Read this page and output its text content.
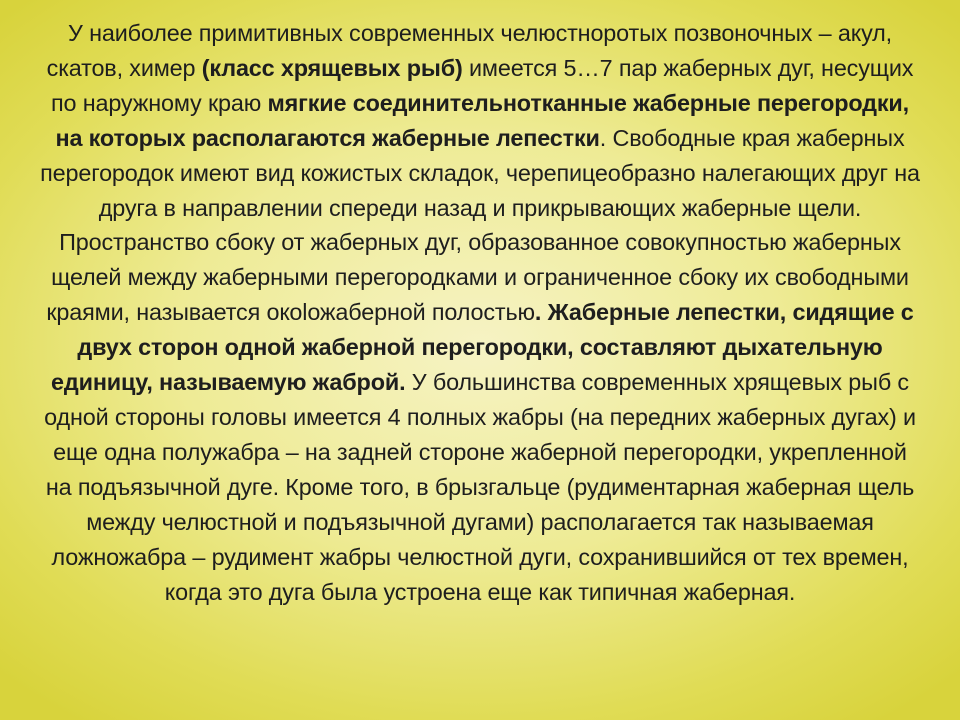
У наиболее примитивных современных челюстноротых позвоночных – акул,
скатов, химер (класс хрящевых рыб) имеется 5…7 пар жаберных дуг, несущих
по наружному краю мягкие соединительнотканные жаберные перегородки,
на которых располагаются жаберные лепестки. Свободные края жаберных
перегородок имеют вид кожистых складок, черепицеобразно налегающих друг на
друга в направлении спереди назад и прикрывающих жаберные щели.
Пространство сбоку от жаберных дуг, образованное совокупностью жаберных
щелей между жаберными перегородками и ограниченное сбоку их свободными
краями, называется окolожаберной полостью. Жаберные лепестки, сидящие с
двух сторон одной жаберной перегородки, составляют дыхательную
единицу, называемую жаброй. У большинства современных хрящевых рыб с
одной стороны головы имеется 4 полных жабры (на передних жаберных дугах) и
еще одна полужабра – на задней стороне жаберной перегородки, укрепленной
на подъязычной дуге. Кроме того, в брызгальце (рудиментарная жаберная щель
между челюстной и подъязычной дугами) располагается так называемая
ложножабра – рудимент жабры челюстной дуги, сохранившийся от тех времен,
когда это дуга была устроена еще как типичная жаберная.
